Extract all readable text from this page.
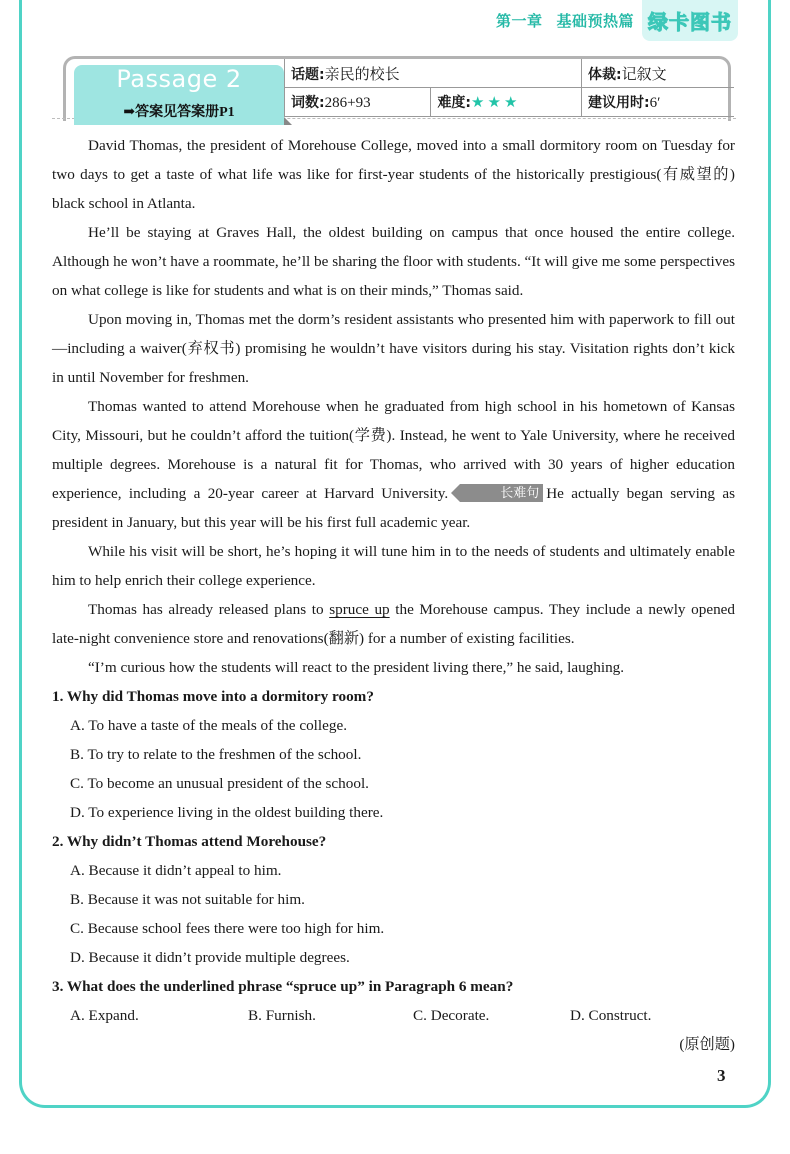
第一章 基础预热篇 绿卡图书
Passage 2
➡答案见答案册P1
话题:亲民的校长		体裁:记叙文
词数:286+93	难度:★★★	建议用时:6′

David Thomas, the president of Morehouse College, moved into a small dormitory room on Tuesday for two days to get a taste of what life was like for first-year students of the historically prestigious(有威望的) black school in Atlanta.

He’ll be staying at Graves Hall, the oldest building on campus that once housed the entire college. Although he won’t have a roommate, he’ll be sharing the floor with students. “It will give me some perspectives on what college is like for students and what is on their minds,” Thomas said.

Upon moving in, Thomas met the dorm’s resident assistants who presented him with paperwork to fill out—including a waiver(弃权书) promising he wouldn’t have visitors during his stay. Visitation rights don’t kick in until November for freshmen.

Thomas wanted to attend Morehouse when he graduated from high school in his hometown of Kansas City, Missouri, but he couldn’t afford the tuition(学费). Instead, he went to Yale University, where he received multiple degrees. Morehouse is a natural fit for Thomas, who arrived with 30 years of higher education experience, including a 20-year career at Harvard University.	长难句 He actually began serving as president in January, but this year will be his first full academic year.

While his visit will be short, he’s hoping it will tune him in to the needs of students and ultimately enable him to help enrich their college experience.

Thomas has already released plans to spruce up the Morehouse campus. They include a newly opened late-night convenience store and renovations(翻新) for a number of existing facilities.

“I’m curious how the students will react to the president living there,” he said, laughing.

1. Why did Thomas move into a dormitory room?

A. To have a taste of the meals of the college.

B. To try to relate to the freshmen of the school.

C. To become an unusual president of the school.

D. To experience living in the oldest building there.

2. Why didn’t Thomas attend Morehouse?

A. Because it didn’t appeal to him.

B. Because it was not suitable for him.

C. Because school fees there were too high for him.

D. Because it didn’t provide multiple degrees.

3. What does the underlined phrase “spruce up” in Paragraph 6 mean?

A. Expand.	B. Furnish.	C. Decorate.	D. Construct.

(原创题)

3
